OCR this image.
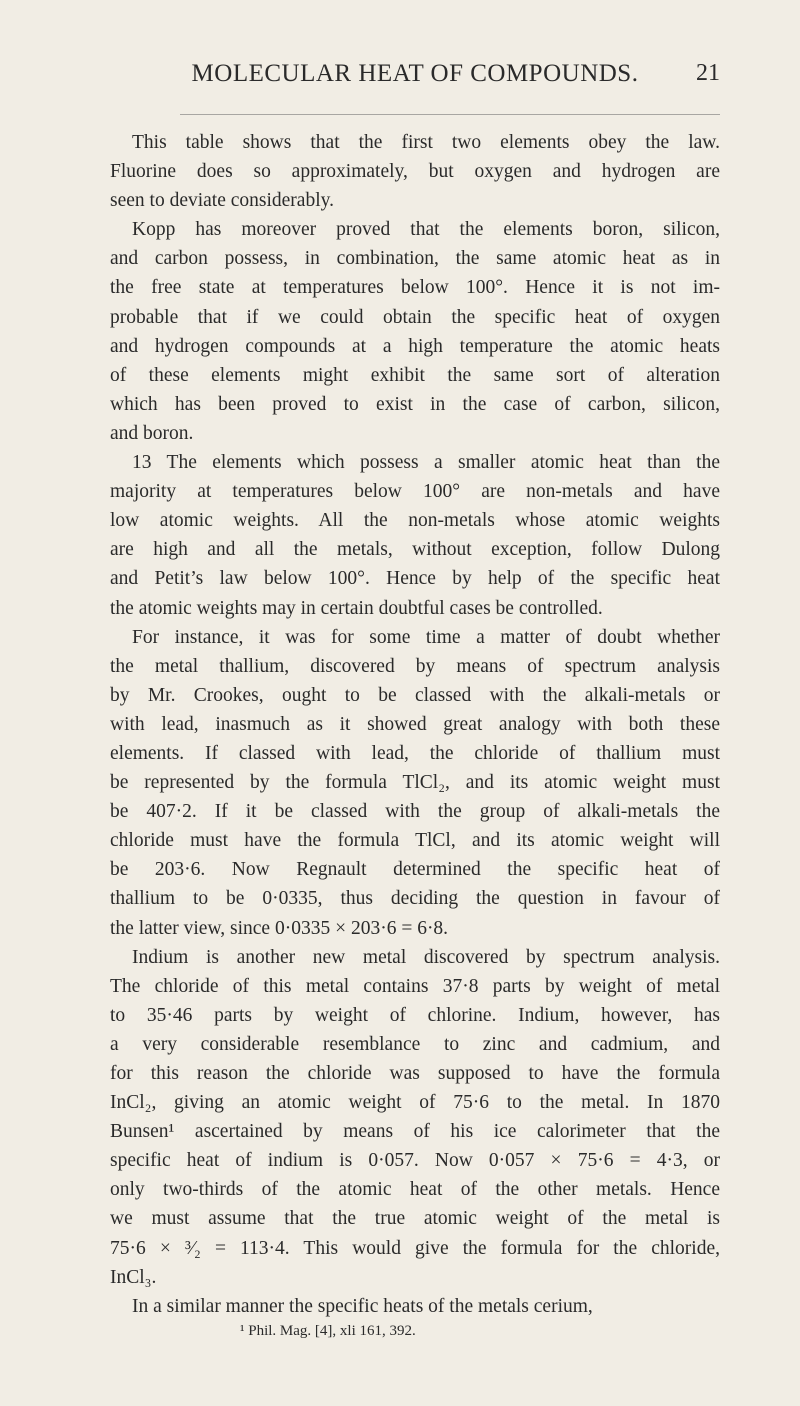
MOLECULAR HEAT OF COMPOUNDS.	21
This table shows that the first two elements obey the law.
Fluorine does so approximately, but oxygen and hydrogen are
seen to deviate considerably.
Kopp has moreover proved that the elements boron, silicon,
and carbon possess, in combination, the same atomic heat as in
the free state at temperatures below 100°. Hence it is not im-
probable that if we could obtain the specific heat of oxygen
and hydrogen compounds at a high temperature the atomic heats
of these elements might exhibit the same sort of alteration
which has been proved to exist in the case of carbon, silicon,
and boron.
13 The elements which possess a smaller atomic heat than the
majority at temperatures below 100° are non-metals and have
low atomic weights. All the non-metals whose atomic weights
are high and all the metals, without exception, follow Dulong
and Petit’s law below 100°. Hence by help of the specific heat
the atomic weights may in certain doubtful cases be controlled.
For instance, it was for some time a matter of doubt whether
the metal thallium, discovered by means of spectrum analysis
by Mr. Crookes, ought to be classed with the alkali-metals or
with lead, inasmuch as it showed great analogy with both these
elements. If classed with lead, the chloride of thallium must
be represented by the formula TlCl₂, and its atomic weight must
be 407·2. If it be classed with the group of alkali-metals the
chloride must have the formula TlCl, and its atomic weight will
be 203·6. Now Regnault determined the specific heat of
thallium to be 0·0335, thus deciding the question in favour of
the latter view, since 0·0335 × 203·6 = 6·8.
Indium is another new metal discovered by spectrum analysis.
The chloride of this metal contains 37·8 parts by weight of metal
to 35·46 parts by weight of chlorine. Indium, however, has
a very considerable resemblance to zinc and cadmium, and
for this reason the chloride was supposed to have the formula
InCl₂, giving an atomic weight of 75·6 to the metal. In 1870
Bunsen¹ ascertained by means of his ice calorimeter that the
specific heat of indium is 0·057. Now 0·057 × 75·6 = 4·3, or
only two-thirds of the atomic heat of the other metals. Hence
we must assume that the true atomic weight of the metal is
75·6 × ³⁄₂ = 113·4. This would give the formula for the chloride,
InCl₃.
In a similar manner the specific heats of the metals cerium,
¹ Phil. Mag. [4], xli 161, 392.
